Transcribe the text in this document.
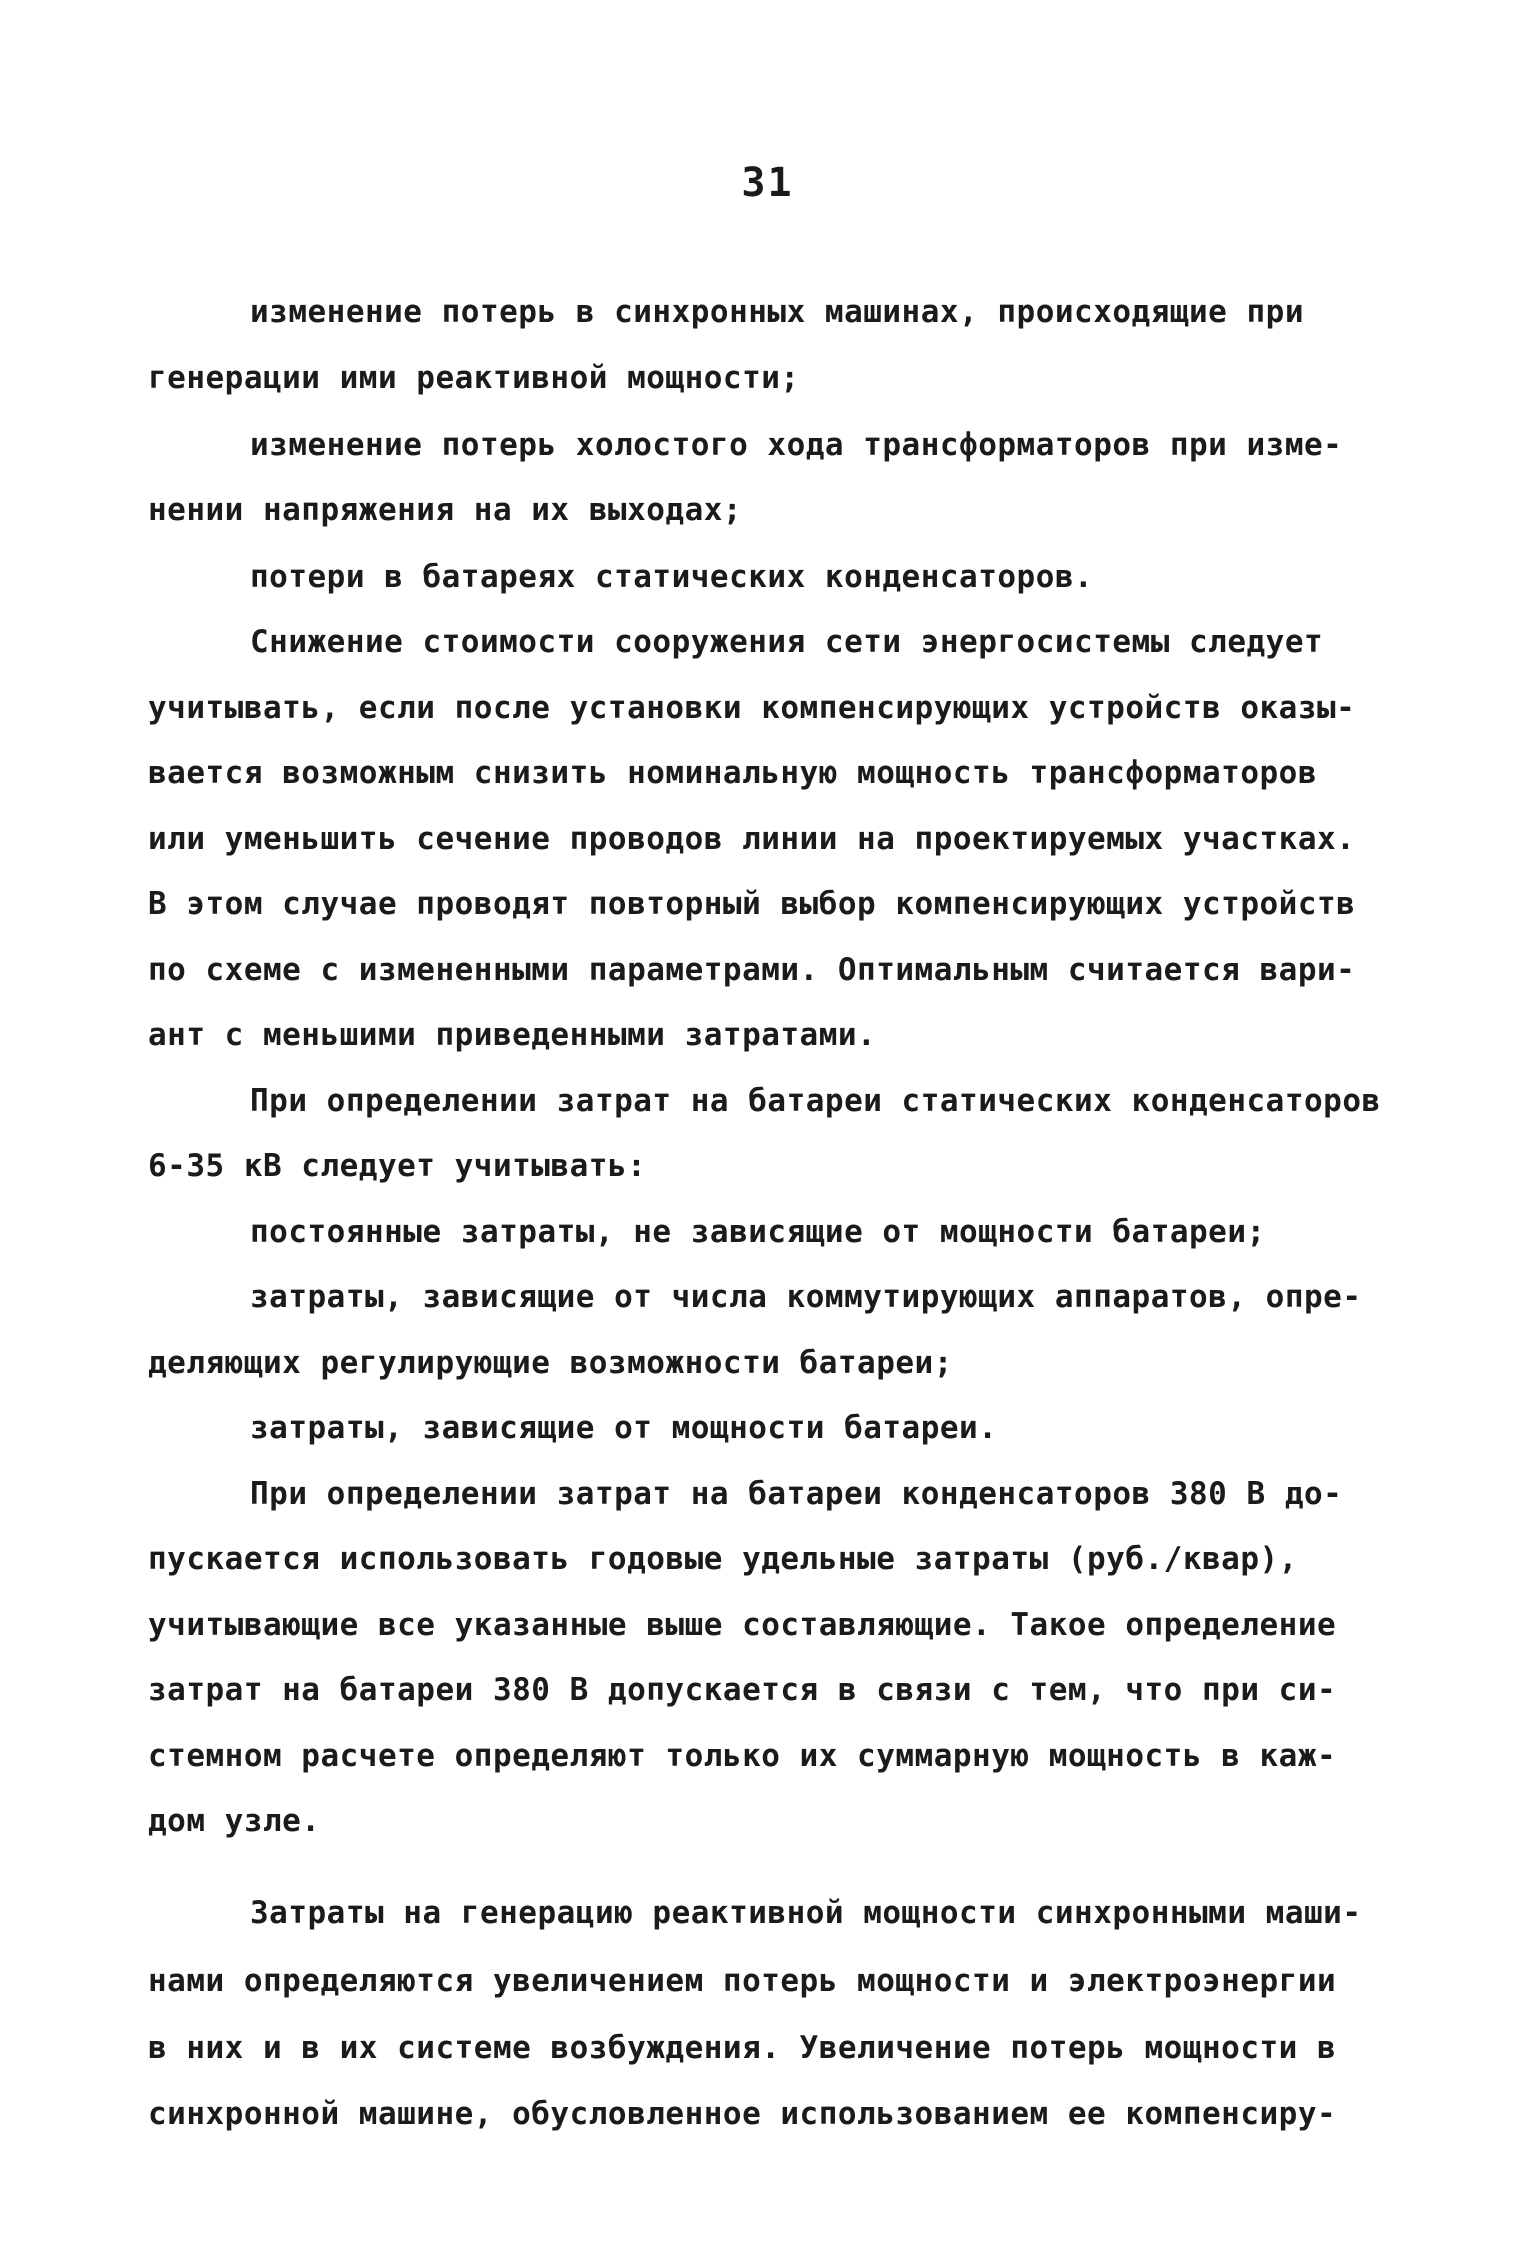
31
изменение потерь в синхронных машинах, происходящие при
генерации ими реактивной мощности;
изменение потерь холостого хода трансформаторов при изме-
нении напряжения на их выходах;
потери в батареях статических конденсаторов.
Снижение стоимости сооружения сети энергосистемы следует
учитывать, если после установки компенсирующих устройств оказы-
вается возможным снизить номинальную мощность трансформаторов
или уменьшить сечение проводов линии на проектируемых участках.
В этом случае проводят повторный выбор компенсирующих устройств
по схеме с измененными параметрами. Оптимальным считается вари-
ант с меньшими приведенными затратами.
При определении затрат на батареи статических конденсаторов
6-35 кВ следует учитывать:
постоянные затраты, не зависящие от мощности батареи;
затраты, зависящие от числа коммутирующих аппаратов, опре-
деляющих регулирующие возможности батареи;
затраты, зависящие от мощности батареи.
При определении затрат на батареи конденсаторов 380 В до-
пускается использовать годовые удельные затраты (руб./квар),
учитывающие все указанные выше составляющие. Такое определение
затрат на батареи 380 В допускается в связи с тем, что при си-
стемном расчете определяют только их суммарную мощность в каж-
дом узле.
Затраты на генерацию реактивной мощности синхронными маши-
нами определяются увеличением потерь мощности и электроэнергии
в них и в их системе возбуждения. Увеличение потерь мощности в
синхронной машине, обусловленное использованием ее компенсиру-
